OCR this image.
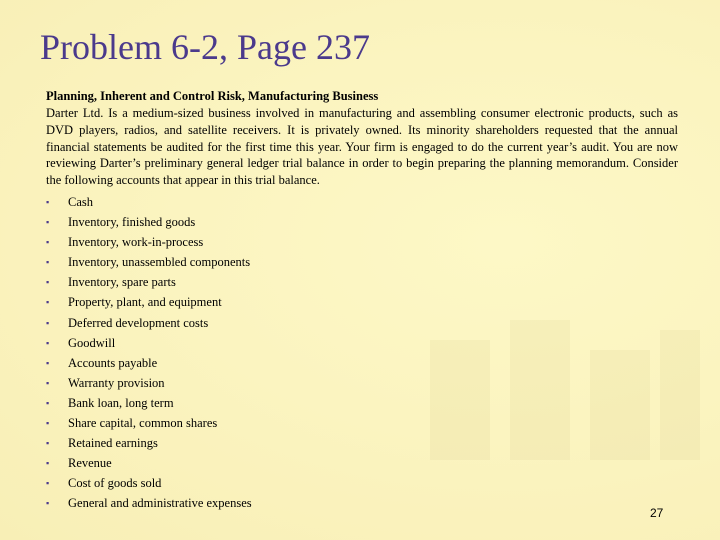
Problem 6-2, Page 237
Planning, Inherent and Control Risk, Manufacturing Business
Darter Ltd. Is a medium-sized business involved in manufacturing and assembling consumer electronic products, such as DVD players, radios, and satellite receivers. It is privately owned. Its minority shareholders requested that the annual financial statements be audited for the first time this year. Your firm is engaged to do the current year’s audit. You are now reviewing Darter’s preliminary general ledger trial balance in order to begin preparing the planning memorandum. Consider the following accounts that appear in this trial balance.
▪ Cash
▪ Inventory, finished goods
▪ Inventory, work-in-process
▪ Inventory, unassembled components
▪ Inventory, spare parts
▪ Property, plant, and equipment
▪ Deferred development costs
▪ Goodwill
▪ Accounts payable
▪ Warranty provision
▪ Bank loan, long term
▪ Share capital, common shares
▪ Retained earnings
▪ Revenue
▪ Cost of goods sold
▪ General and administrative expenses
27
